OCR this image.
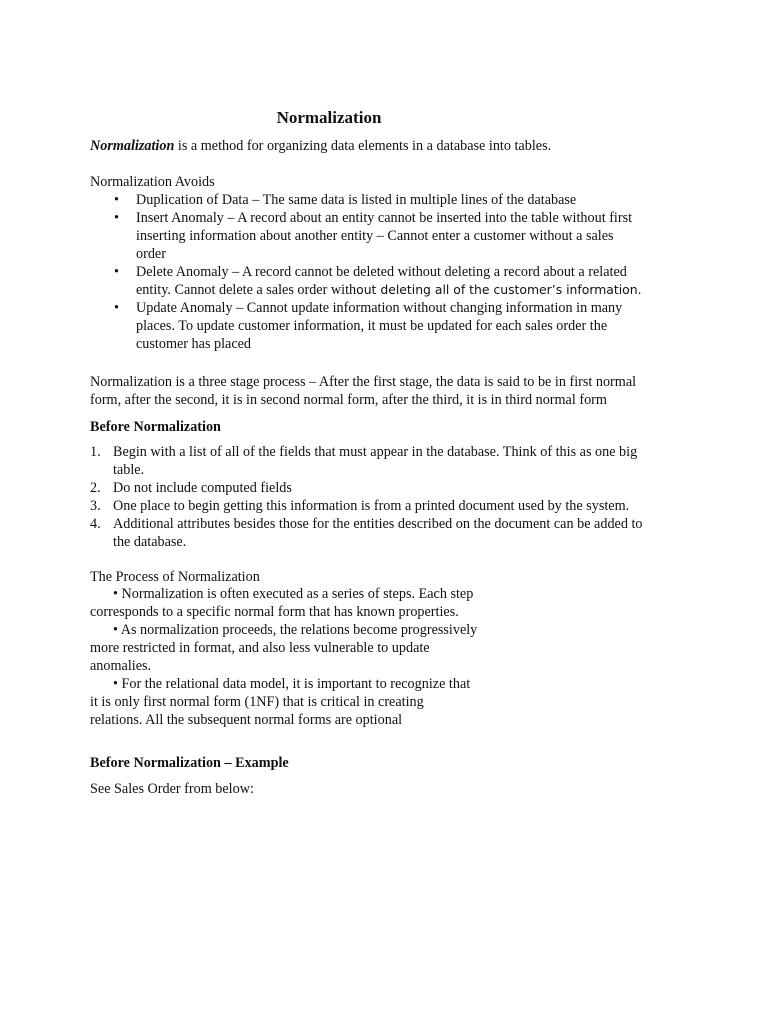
Normalization
Normalization is a method for organizing data elements in a database into tables.
Normalization Avoids
• Duplication of Data – The same data is listed in multiple lines of the database
• Insert Anomaly – A record about an entity cannot be inserted into the table without first
inserting information about another entity – Cannot enter a customer without a sales
order
• Delete Anomaly – A record cannot be deleted without deleting a record about a related
entity. Cannot delete a sales order without deleting all of the customer’s information.
• Update Anomaly – Cannot update information without changing information in many
places. To update customer information, it must be updated for each sales order the
customer has placed
Normalization is a three stage process – After the first stage, the data is said to be in first normal
form, after the second, it is in second normal form, after the third, it is in third normal form
Before Normalization
1. Begin with a list of all of the fields that must appear in the database. Think of this as one big
table.
2. Do not include computed fields
3. One place to begin getting this information is from a printed document used by the system.
4. Additional attributes besides those for the entities described on the document can be added to
the database.
The Process of Normalization
• Normalization is often executed as a series of steps. Each step
corresponds to a specific normal form that has known properties.
• As normalization proceeds, the relations become progressively
more restricted in format, and also less vulnerable to update
anomalies.
• For the relational data model, it is important to recognize that
it is only first normal form (1NF) that is critical in creating
relations. All the subsequent normal forms are optional
Before Normalization – Example
See Sales Order from below:
